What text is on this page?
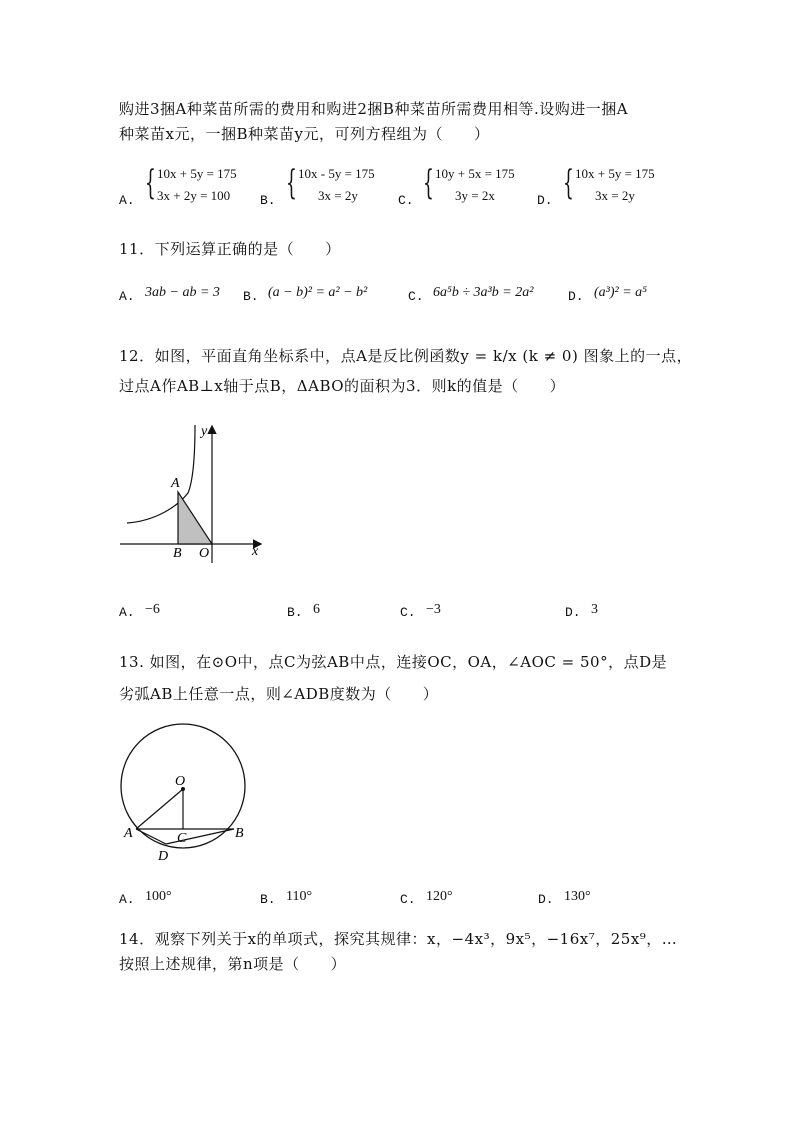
购进3捆A种菜苗所需的费用和购进2捆B种菜苗所需费用相等.设购进一捆A
种菜苗x元，一捆B种菜苗y元，可列方程组为（　　）
A. { 10x + 5y = 175
3x + 2y = 100 B. { 10x - 5y = 175
3x = 2y	C. { 10y + 5x = 175
3y = 2x	D. { 10x + 5y = 175
3x = 2y
11．下列运算正确的是（　　）
A. 3ab − ab = 3 B. (a − b)² = a² − b²	C. 6a⁵b ÷ 3a³b = 2a²	D. (a³)² = a⁵
12．如图，平面直角坐标系中，点A是反比例函数y = k/x (k ≠ 0) 图象上的一点，
过点A作AB⊥x轴于点B，ΔABO的面积为3．则k的值是（　　）
A
B O	x
y
A. −6	B. 6	C. −3	D. 3
13. 如图，在⊙O中，点C为弦AB中点，连接OC，OA，∠AOC = 50°，点D是
劣弧AB上任意一点，则∠ADB度数为（　　）
O
A	B
C
D
A. 100°	B. 110°	C. 120°	D. 130°
14．观察下列关于x的单项式，探究其规律：x，−4x³，9x⁵，−16x⁷，25x⁹，…
按照上述规律，第n项是（　　）
